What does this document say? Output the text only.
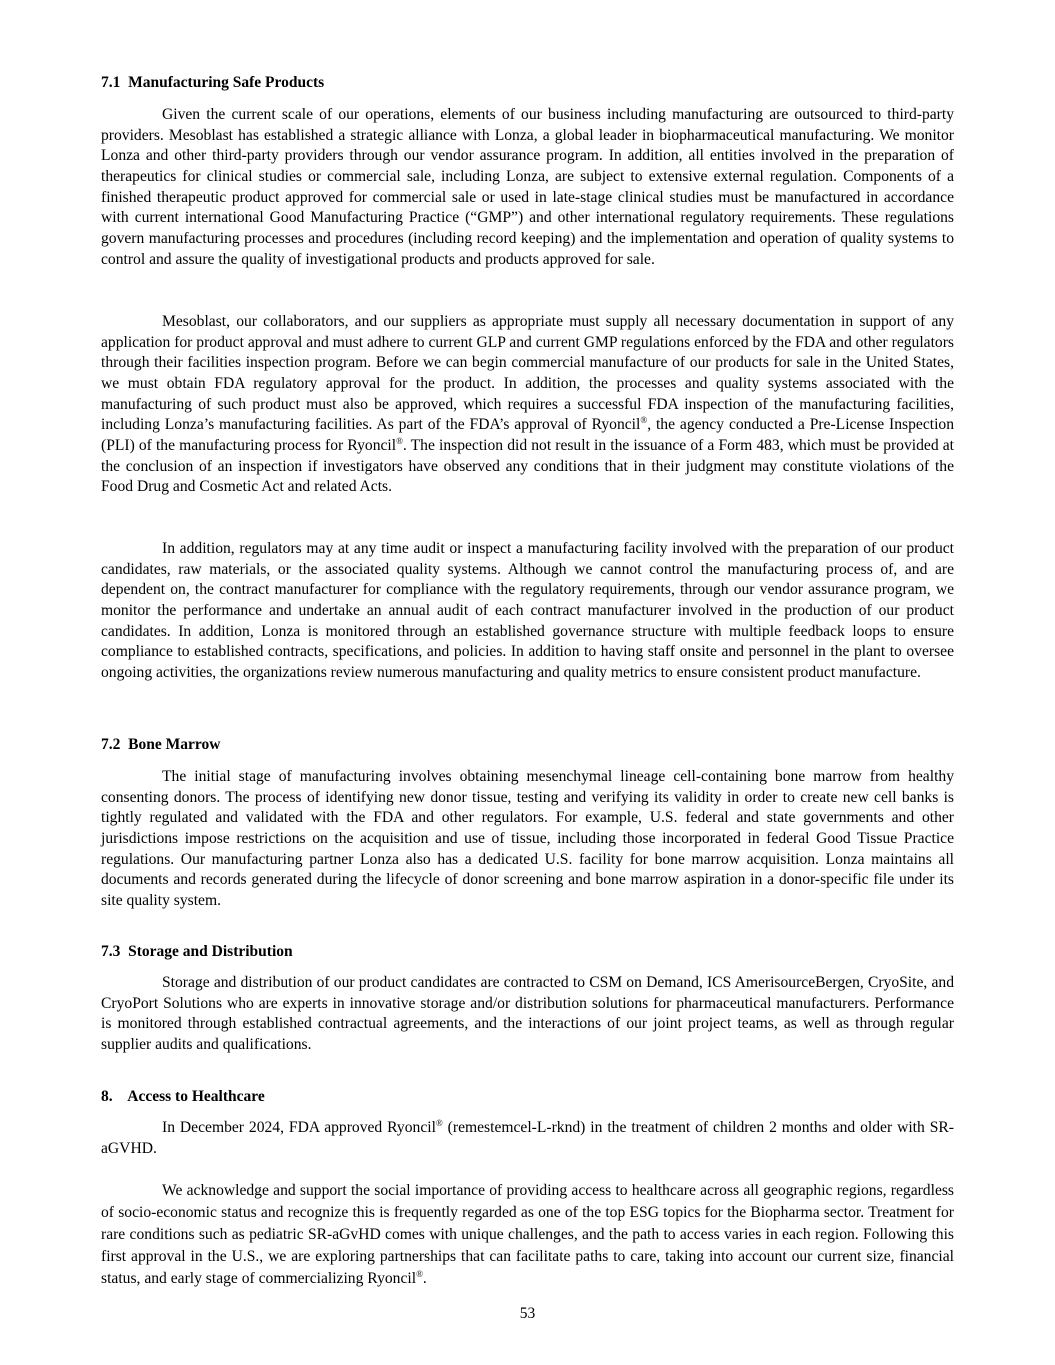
7.1  Manufacturing Safe Products
Given the current scale of our operations, elements of our business including manufacturing are outsourced to third-party providers. Mesoblast has established a strategic alliance with Lonza, a global leader in biopharmaceutical manufacturing. We monitor Lonza and other third-party providers through our vendor assurance program. In addition, all entities involved in the preparation of therapeutics for clinical studies or commercial sale, including Lonza, are subject to extensive external regulation. Components of a finished therapeutic product approved for commercial sale or used in late-stage clinical studies must be manufactured in accordance with current international Good Manufacturing Practice (“GMP”) and other international regulatory requirements. These regulations govern manufacturing processes and procedures (including record keeping) and the implementation and operation of quality systems to control and assure the quality of investigational products and products approved for sale.
Mesoblast, our collaborators, and our suppliers as appropriate must supply all necessary documentation in support of any application for product approval and must adhere to current GLP and current GMP regulations enforced by the FDA and other regulators through their facilities inspection program. Before we can begin commercial manufacture of our products for sale in the United States, we must obtain FDA regulatory approval for the product. In addition, the processes and quality systems associated with the manufacturing of such product must also be approved, which requires a successful FDA inspection of the manufacturing facilities, including Lonza’s manufacturing facilities. As part of the FDA’s approval of Ryoncil®, the agency conducted a Pre-License Inspection (PLI) of the manufacturing process for Ryoncil®. The inspection did not result in the issuance of a Form 483, which must be provided at the conclusion of an inspection if investigators have observed any conditions that in their judgment may constitute violations of the Food Drug and Cosmetic Act and related Acts.
In addition, regulators may at any time audit or inspect a manufacturing facility involved with the preparation of our product candidates, raw materials, or the associated quality systems. Although we cannot control the manufacturing process of, and are dependent on, the contract manufacturer for compliance with the regulatory requirements, through our vendor assurance program, we monitor the performance and undertake an annual audit of each contract manufacturer involved in the production of our product candidates. In addition, Lonza is monitored through an established governance structure with multiple feedback loops to ensure compliance to established contracts, specifications, and policies. In addition to having staff onsite and personnel in the plant to oversee ongoing activities, the organizations review numerous manufacturing and quality metrics to ensure consistent product manufacture.
7.2  Bone Marrow
The initial stage of manufacturing involves obtaining mesenchymal lineage cell-containing bone marrow from healthy consenting donors. The process of identifying new donor tissue, testing and verifying its validity in order to create new cell banks is tightly regulated and validated with the FDA and other regulators. For example, U.S. federal and state governments and other jurisdictions impose restrictions on the acquisition and use of tissue, including those incorporated in federal Good Tissue Practice regulations. Our manufacturing partner Lonza also has a dedicated U.S. facility for bone marrow acquisition. Lonza maintains all documents and records generated during the lifecycle of donor screening and bone marrow aspiration in a donor-specific file under its site quality system.
7.3  Storage and Distribution
Storage and distribution of our product candidates are contracted to CSM on Demand, ICS AmerisourceBergen, CryoSite, and CryoPort Solutions who are experts in innovative storage and/or distribution solutions for pharmaceutical manufacturers. Performance is monitored through established contractual agreements, and the interactions of our joint project teams, as well as through regular supplier audits and qualifications.
8.    Access to Healthcare
In December 2024, FDA approved Ryoncil® (remestemcel-L-rknd) in the treatment of children 2 months and older with SR-aGVHD.
We acknowledge and support the social importance of providing access to healthcare across all geographic regions, regardless of socio-economic status and recognize this is frequently regarded as one of the top ESG topics for the Biopharma sector. Treatment for rare conditions such as pediatric SR-aGvHD comes with unique challenges, and the path to access varies in each region. Following this first approval in the U.S., we are exploring partnerships that can facilitate paths to care, taking into account our current size, financial status, and early stage of commercializing Ryoncil®.
53
